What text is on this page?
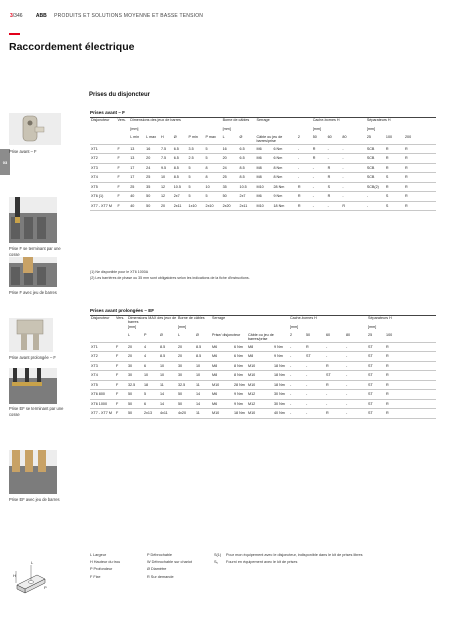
3/346	ABB PRODUITS ET SOLUTIONS MOYENNE ET BASSE TENSION
Raccordement électrique
03
Prises du disjoncteur
Prises avant – F
Disjoncteur	Vers.	Dimensions des jeux de barres						Borne de câbles		Serrage			Cache-bornes H			Séparateurs H		
		[mm]						[mm]					[mm]			[mm]		
		L min	L max	H	Ø	P min	P max	L	Ø	Câble ou jeu de barres/prise		2	50	60	80	25	100	200
XT1	F	13	16	7.5	6.5	3.5	5	16	6.5	M6	6 Nm	-	R	-	-	SCB	R	R
XT2	F	13	20	7.5	6.5	2.5	5	20	6.5	M6	6 Nm	-	R	-	-	SCB	R	R
XT3	F	17	24	9.5	8.5	5	8	24	8.5	M8	8 Nm	-	-	R	-	SCB	R	R
XT4	F	17	25	10	8.5	5	8	25	8.5	M8	8 Nm	-	-	R	-	SCB	S	R
XT5	F	25	35	12	10.5	5	10	35	10.5	M10	28 Nm	R	-	S	-	SCB(2)	R	R
XT6 (1)	F	40	50	12	2x7	5	5	50	2x7	M6	9 Nm	R	-	R	-	-	S	R
XT7 - XT7 M	F	40	50	20	2x11	1x10	2x10	2x20	2x11	M10	18 Nm	R	-	-	R	-	S	R
(1) Ne disponible pour le XT6 1000A
(2) Les barrières de phase ou 35 mm sont obligatoires selon les indications de la fiche d'instructions.
Prises avant prolongées – EF
Disjoncteur	Vers.	Dimensions MAX des jeux de barres			Borne de câbles		Serrage				Cache-bornes H				Séparateurs H		
		[mm]			[mm]						[mm]				[mm]		
		L	P	Ø	L	Ø	Prise/ disjoncteur		Câble ou jeu de barres/prise		2	50	60	80	25	100	
XT1	F	20	4	8.5	20	8.5	M6	6 Nm	M8	9 Nm	-	R	-	-	ST	R	
XT2	F	20	4	8.5	20	8.5	M6	6 Nm	M8	9 Nm	-	ST	-	-	ST	R	
XT3	F	30	6	10	30	10	M8	8 Nm	M10	18 Nm	-	-	R	-	ST	R	
XT4	F	30	10	10	30	10	M8	8 Nm	M10	18 Nm	-	-	ST	-	ST	R	
XT5	F	32.5	18	11	32.5	11	M10	28 Nm	M10	18 Nm	-	-	R	-	ST	R	
XT6 800	F	50	5	14	50	14	M6	9 Nm	M12	30 Nm	-	-	-	-	ST	R	
XT6 1000	F	50	6	14	50	14	M6	9 Nm	M12	30 Nm	-	-	-	-	ST	R	
XT7 - XT7 M	F	50	2x13	4x11	4x20	11	M10	18 Nm	M10	40 Nm	-	-	R	-	ST	R	
Prise avant – F
Prise F se terminant par une cosse
Prise F avec jeu de barres
Prise avant prolongée – F
Prise EF se terminant par une cosse
Prise EF avec jeu de barres
H
L
P
L Largeur
H Hauteur du trou
P Profondeur
F Fixe
P Débrochable
W Débrochable sur chariot
Ø Diamètre
R Sur demande
S(1)
Sᵧ
Pour mon équipement avec le disjoncteur, indisponible dans le kit de prises libres
Fourni en équipement avec le kit de prises
